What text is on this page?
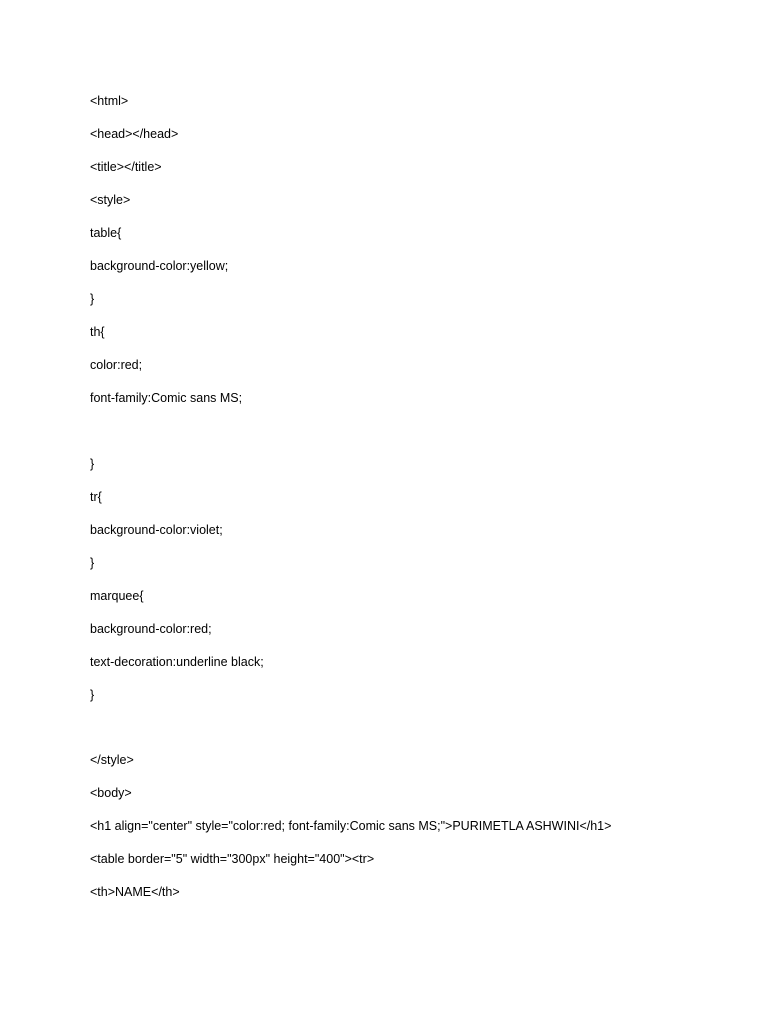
<html>

<head></head>

<title></title>

<style>

table{

background-color:yellow;

}

th{

color:red;

font-family:Comic sans MS;

}

tr{

background-color:violet;

}

marquee{

background-color:red;

text-decoration:underline black;

}

</style>

<body>

<h1 align="center" style="color:red; font-family:Comic sans MS;">PURIMETLA ASHWINI</h1>

<table border="5" width="300px" height="400"><tr>

<th>NAME</th>
